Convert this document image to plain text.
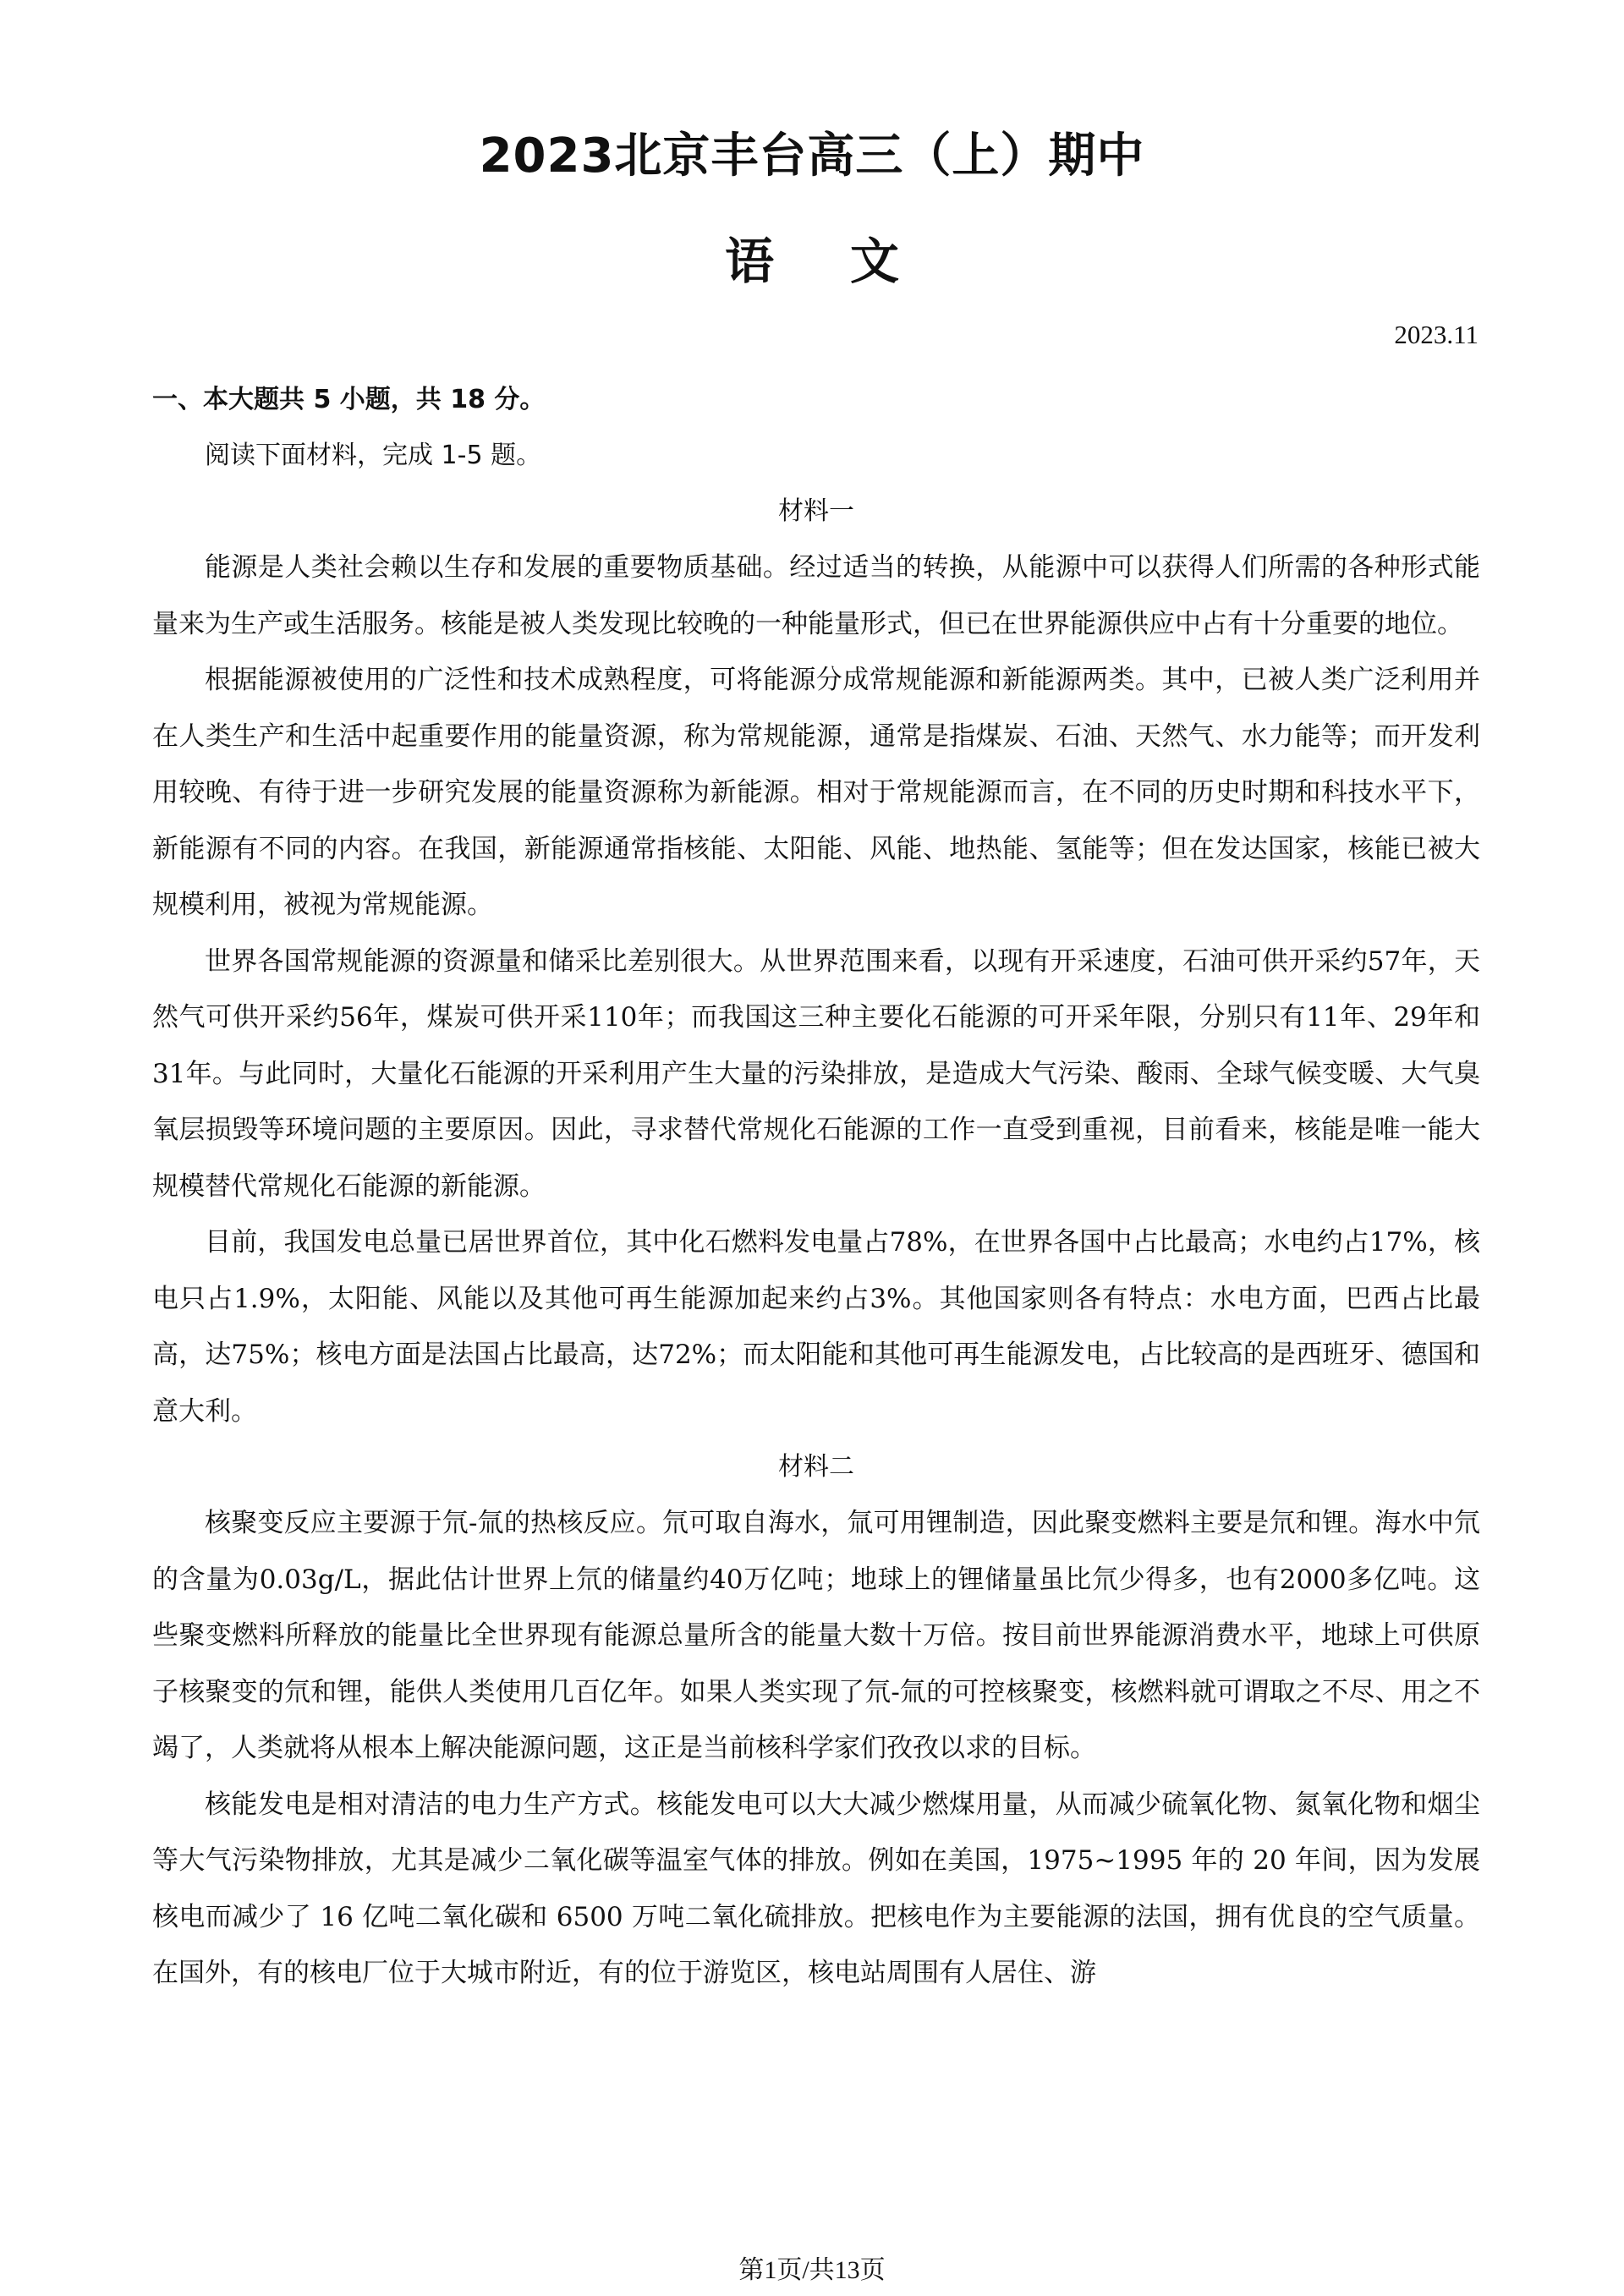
2023北京丰台高三（上）期中
语文
2023.11

一、本大题共 5 小题，共 18 分。

阅读下面材料，完成 1-5 题。

材料一

能源是人类社会赖以生存和发展的重要物质基础。经过适当的转换，从能源中可以获得人们所需的各种形式能量来为生产或生活服务。核能是被人类发现比较晚的一种能量形式，但已在世界能源供应中占有十分重要的地位。

根据能源被使用的广泛性和技术成熟程度，可将能源分成常规能源和新能源两类。其中，已被人类广泛利用并在人类生产和生活中起重要作用的能量资源，称为常规能源，通常是指煤炭、石油、天然气、水力能等；而开发利用较晚、有待于进一步研究发展的能量资源称为新能源。相对于常规能源而言，在不同的历史时期和科技水平下，新能源有不同的内容。在我国，新能源通常指核能、太阳能、风能、地热能、氢能等；但在发达国家，核能已被大规模利用，被视为常规能源。

世界各国常规能源的资源量和储采比差别很大。从世界范围来看，以现有开采速度，石油可供开采约57年，天然气可供开采约56年，煤炭可供开采110年；而我国这三种主要化石能源的可开采年限，分别只有11年、29年和 31年。与此同时，大量化石能源的开采利用产生大量的污染排放，是造成大气污染、酸雨、全球气候变暖、大气臭氧层损毁等环境问题的主要原因。因此，寻求替代常规化石能源的工作一直受到重视，目前看来，核能是唯一能大规模替代常规化石能源的新能源。

目前，我国发电总量已居世界首位，其中化石燃料发电量占78%，在世界各国中占比最高；水电约占17%，核电只占1.9%，太阳能、风能以及其他可再生能源加起来约占3%。其他国家则各有特点：水电方面，巴西占比最高，达75%；核电方面是法国占比最高，达72%；而太阳能和其他可再生能源发电，占比较高的是西班牙、德国和意大利。

材料二

核聚变反应主要源于氘-氚的热核反应。氘可取自海水，氚可用锂制造，因此聚变燃料主要是氘和锂。海水中氘的含量为0.03g/L，据此估计世界上氘的储量约40万亿吨；地球上的锂储量虽比氘少得多，也有2000多亿吨。这些聚变燃料所释放的能量比全世界现有能源总量所含的能量大数十万倍。按目前世界能源消费水平，地球上可供原子核聚变的氘和锂，能供人类使用几百亿年。如果人类实现了氘-氚的可控核聚变，核燃料就可谓取之不尽、用之不竭了，人类就将从根本上解决能源问题，这正是当前核科学家们孜孜以求的目标。

核能发电是相对清洁的电力生产方式。核能发电可以大大减少燃煤用量，从而减少硫氧化物、氮氧化物和烟尘等大气污染物排放，尤其是减少二氧化碳等温室气体的排放。例如在美国，1975~1995 年的 20 年间，因为发展核电而减少了 16 亿吨二氧化碳和 6500 万吨二氧化硫排放。把核电作为主要能源的法国，拥有优良的空气质量。在国外，有的核电厂位于大城市附近，有的位于游览区，核电站周围有人居住、游

第1页/共13页
